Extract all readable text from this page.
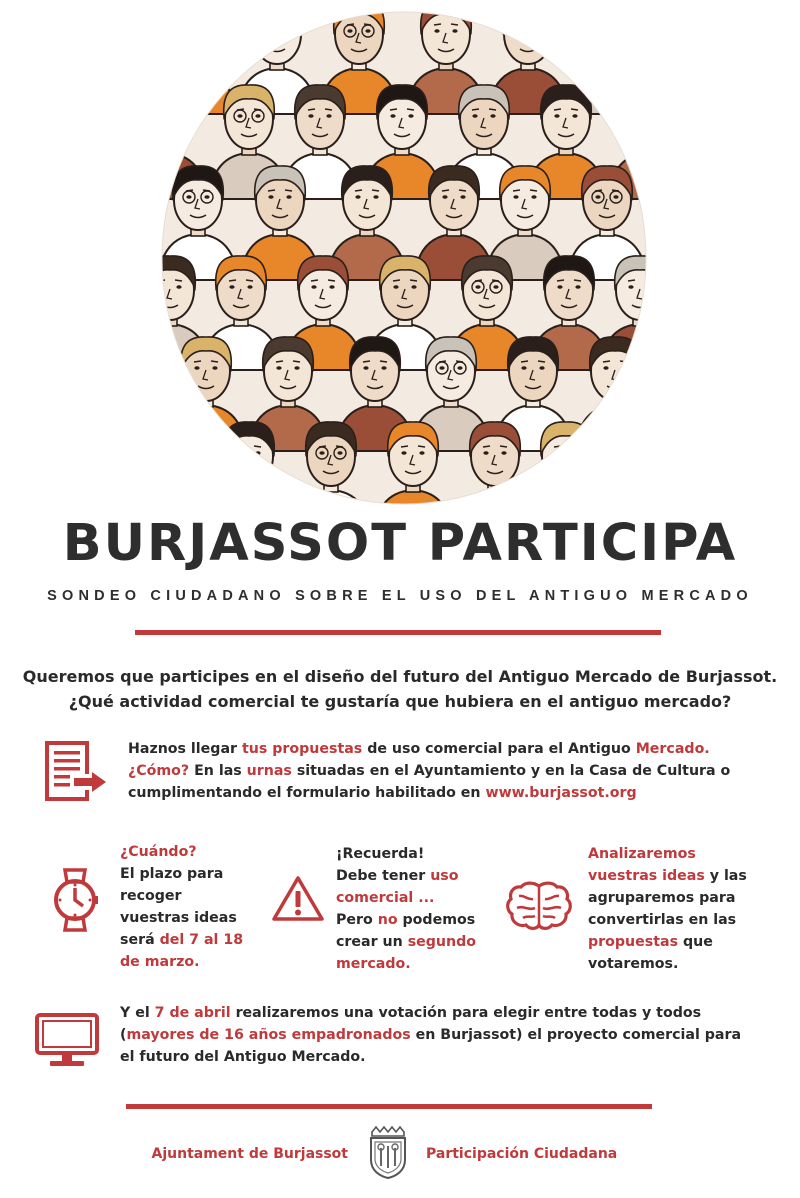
BURJASSOT PARTICIPA
SONDEO CIUDADANO SOBRE EL USO DEL ANTIGUO MERCADO
Queremos que participes en el diseño del futuro del Antiguo Mercado de Burjassot.
¿Qué actividad comercial te gustaría que hubiera en el antiguo mercado?
Haznos llegar tus propuestas de uso comercial para el Antiguo Mercado.
¿Cómo? En las urnas situadas en el Ayuntamiento y en la Casa de Cultura o
cumplimentando el formulario habilitado en www.burjassot.org
¿Cuándo?
El plazo para
recoger
vuestras ideas
será del 7 al 18
de marzo.
¡Recuerda!
Debe tener uso
comercial ...
Pero no podemos
crear un segundo
mercado.
Analizaremos
vuestras ideas y las
agruparemos para
convertirlas en las
propuestas que
votaremos.
Y el 7 de abril realizaremos una votación para elegir entre todas y todos
(mayores de 16 años empadronados en Burjassot) el proyecto comercial para
el futuro del Antiguo Mercado.
Ajuntament de Burjassot	Participación Ciudadana
